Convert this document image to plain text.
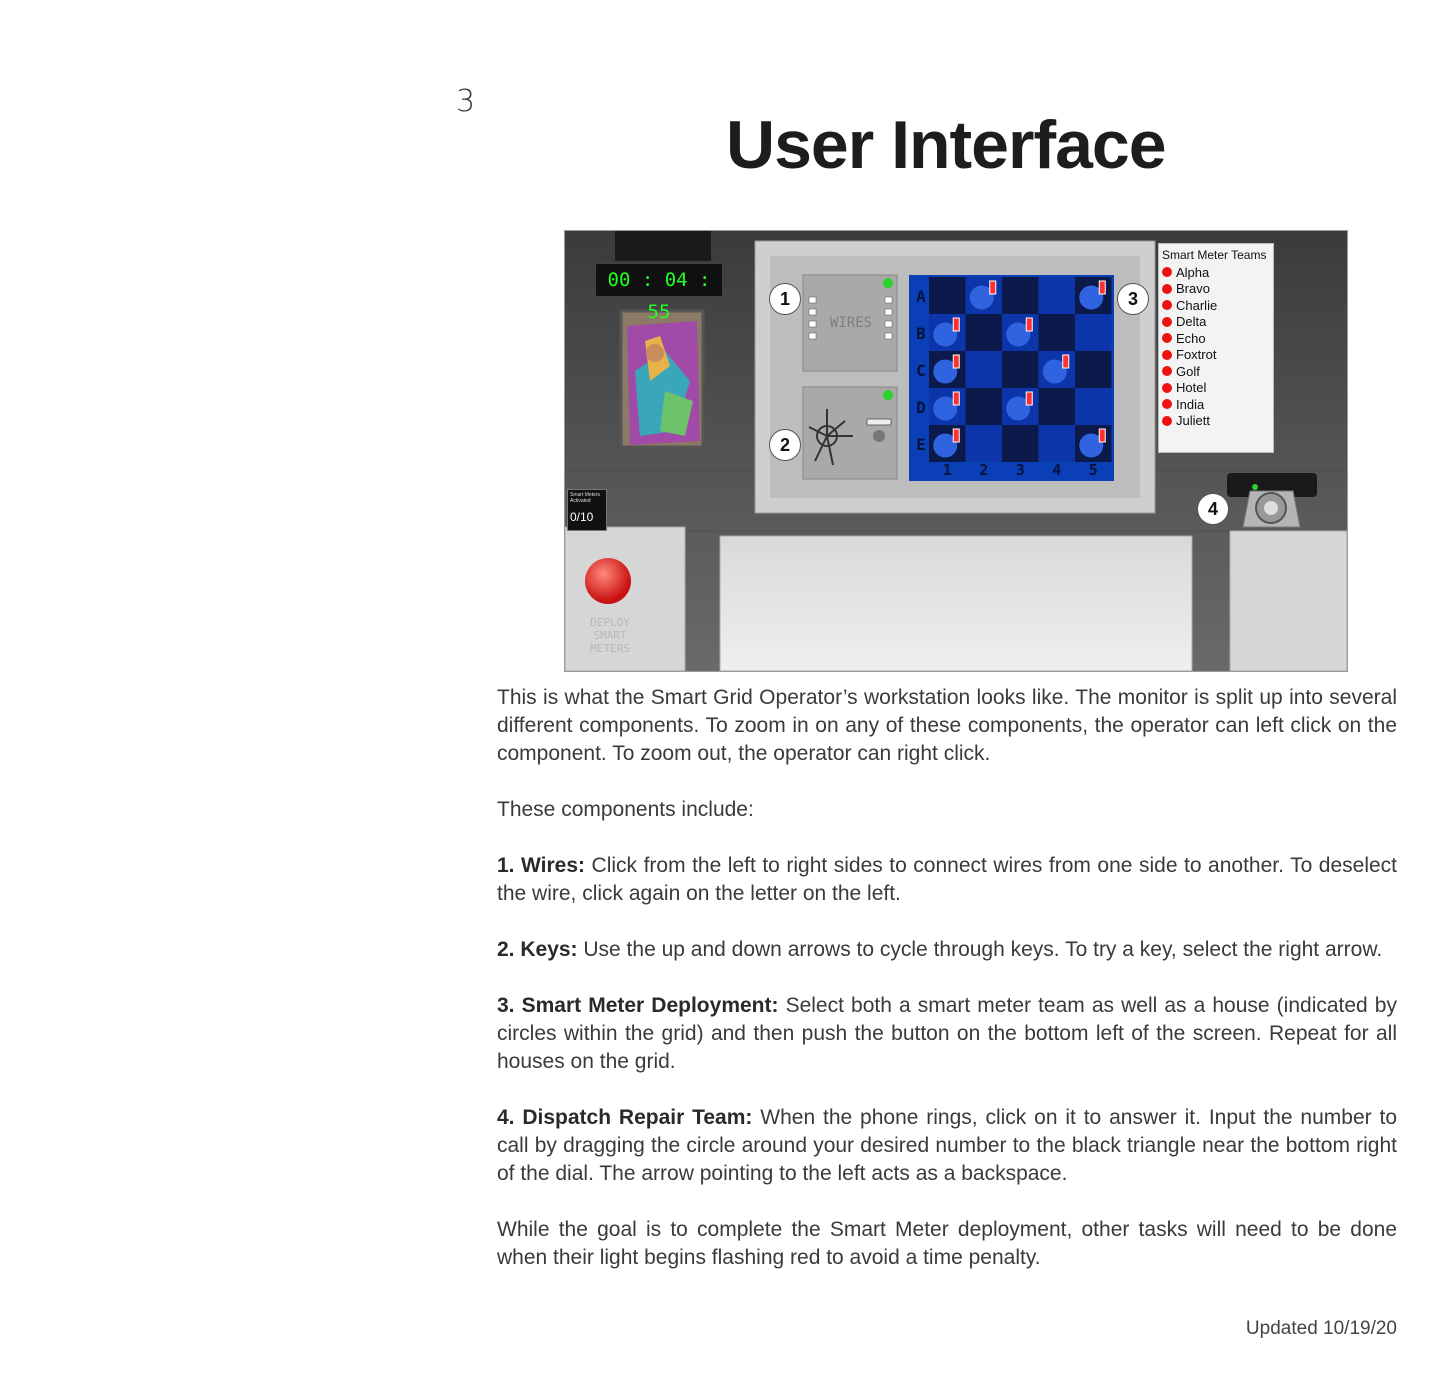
3
User Interface
WIRES
A
B
C
D
E
1 2 3 4 5
DEPLOY SMART METERS
00 : 04 : 55
Smart Meters Activated
0/10
Smart Meter Teams
Alpha
Bravo
Charlie
Delta
Echo
Foxtrot
Golf
Hotel
India
Juliett
1
2
3
4

This is what the Smart Grid Operator’s workstation looks like. The monitor is split up into several different components. To zoom in on any of these components, the operator can left click on the component. To zoom out, the operator can right click.

These components include:

1. Wires: Click from the left to right sides to connect wires from one side to another. To deselect the wire, click again on the letter on the left.

2. Keys: Use the up and down arrows to cycle through keys. To try a key, select the right arrow.

3. Smart Meter Deployment: Select both a smart meter team as well as a house (indicated by circles within the grid) and then push the button on the bottom left of the screen. Repeat for all houses on the grid.

4. Dispatch Repair Team: When the phone rings, click on it to answer it. Input the number to call by dragging the circle around your desired number to the black triangle near the bottom right of the dial. The arrow pointing to the left acts as a backspace.

While the goal is to complete the Smart Meter deployment, other tasks will need to be done when their light begins flashing red to avoid a time penalty.

Updated 10/19/20
